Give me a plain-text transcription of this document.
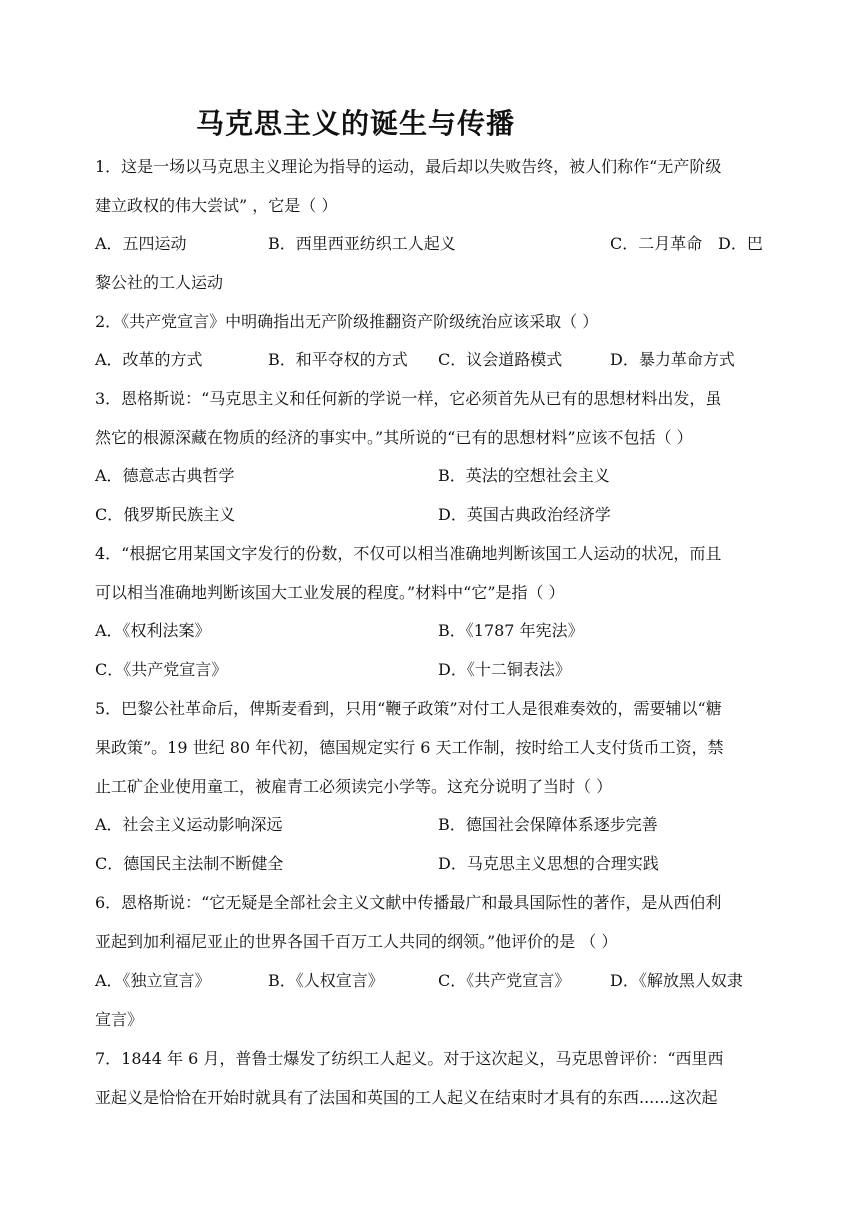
马克思主义的诞生与传播
1．这是一场以马克思主义理论为指导的运动，最后却以失败告终，被人们称作“无产阶级
建立政权的伟大尝试” ，它是（ ）
A．五四运动	B．西里西亚纺织工人起义	C．二月革命 D．巴
黎公社的工人运动
2．《共产党宣言》中明确指出无产阶级推翻资产阶级统治应该采取（ ）
A．改革的方式	B．和平夺权的方式 C．议会道路模式	D．暴力革命方式
3．恩格斯说：“马克思主义和任何新的学说一样，它必须首先从已有的思想材料出发，虽
然它的根源深藏在物质的经济的事实中。”其所说的“已有的思想材料”应该不包括（ ）
A．德意志古典哲学	B．英法的空想社会主义
C．俄罗斯民族主义	D．英国古典政治经济学
4．“根据它用某国文字发行的份数，不仅可以相当准确地判断该国工人运动的状况，而且
可以相当准确地判断该国大工业发展的程度。”材料中“它”是指（ ）
A．《权利法案》	B．《1787 年宪法》
C．《共产党宣言》	D．《十二铜表法》
5．巴黎公社革命后，俾斯麦看到，只用“鞭子政策”对付工人是很难奏效的，需要辅以“糖
果政策”。19 世纪 80 年代初，德国规定实行 6 天工作制，按时给工人支付货币工资，禁
止工矿企业使用童工，被雇青工必须读完小学等。这充分说明了当时（ ）
A．社会主义运动影响深远	B．德国社会保障体系逐步完善
C．德国民主法制不断健全	D．马克思主义思想的合理实践
6．恩格斯说：“它无疑是全部社会主义文献中传播最广和最具国际性的著作，是从西伯利
亚起到加利福尼亚止的世界各国千百万工人共同的纲领。”他评价的是 （ ）
A．《独立宣言》	B．《人权宣言》	C．《共产党宣言》 D．《解放黑人奴隶
宣言》
7．1844 年 6 月，普鲁士爆发了纺织工人起义。对于这次起义，马克思曾评价：“西里西
亚起义是恰恰在开始时就具有了法国和英国的工人起义在结束时才具有的东西......这次起
